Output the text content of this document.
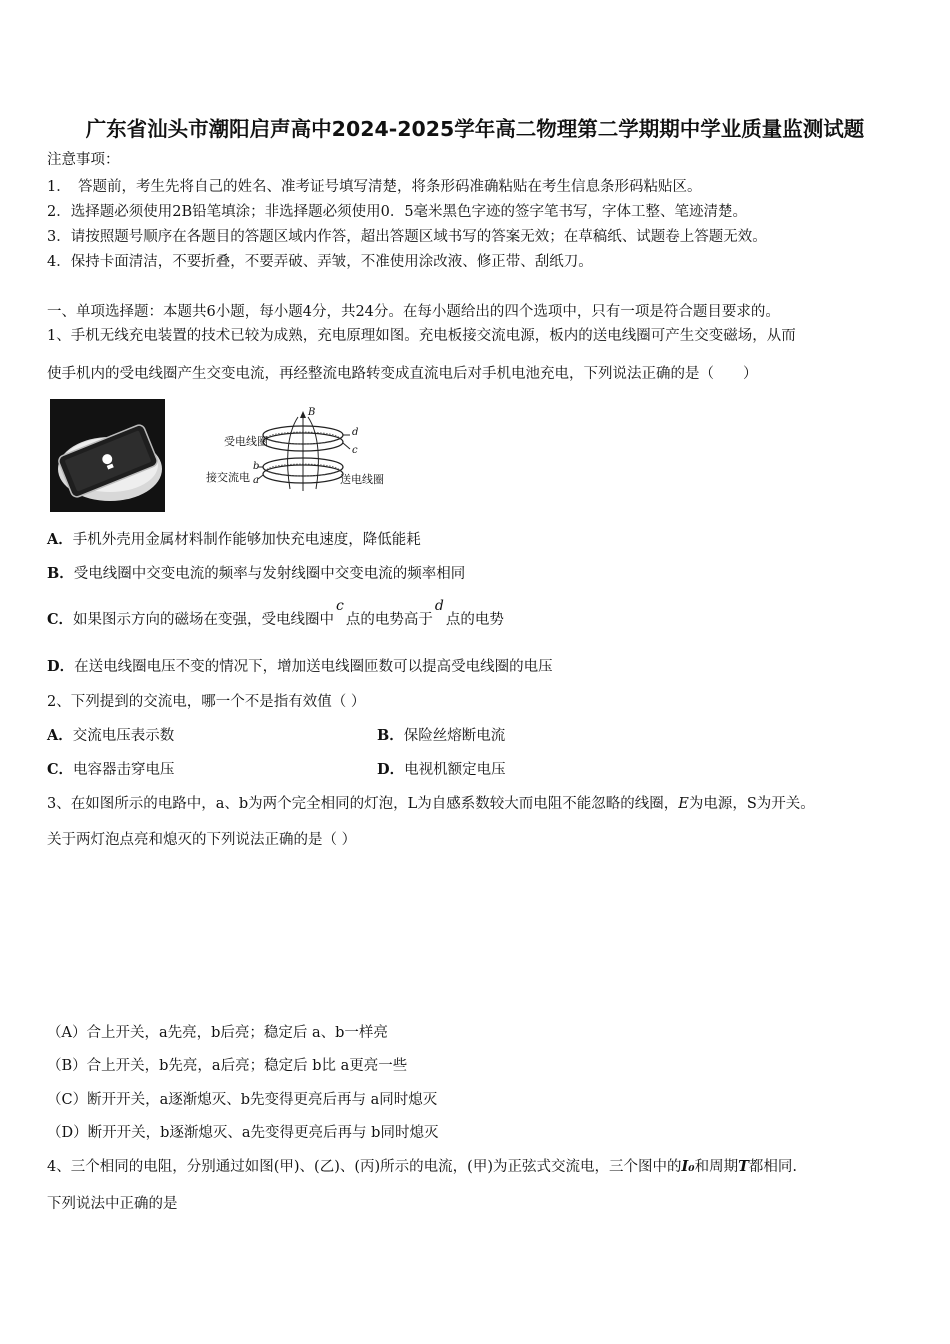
广东省汕头市潮阳启声高中2024-2025学年高二物理第二学期期中学业质量监测试题
注意事项：
1．　答题前，考生先将自己的姓名、准考证号填写清楚，将条形码准确粘贴在考生信息条形码粘贴区。
2．选择题必须使用2B铅笔填涂；非选择题必须使用0．5毫米黑色字迹的签字笔书写，字体工整、笔迹清楚。
3．请按照题号顺序在各题目的答题区域内作答，超出答题区域书写的答案无效；在草稿纸、试题卷上答题无效。
4．保持卡面清洁，不要折叠，不要弄破、弄皱，不准使用涂改液、修正带、刮纸刀。
一、单项选择题：本题共6小题，每小题4分，共24分。在每小题给出的四个选项中，只有一项是符合题目要求的。
1、手机无线充电装置的技术已较为成熟，充电原理如图。充电板接交流电源，板内的送电线圈可产生交变磁场，从而
使手机内的受电线圈产生交变电流，再经整流电路转变成直流电后对手机电池充电，下列说法正确的是（　　）
受电线圈
接交流电	送电线圈
B
d
c
a
b
A．手机外壳用金属材料制作能够加快充电速度，降低能耗
B．受电线圈中交变电流的频率与发射线圈中交变电流的频率相同
C．如果图示方向的磁场在变强，受电线圈中c点的电势高于d点的电势
D．在送电线圈电压不变的情况下，增加送电线圈匝数可以提高受电线圈的电压
2、下列提到的交流电，哪一个不是指有效值（ ）
A．交流电压表示数	B．保险丝熔断电流
C．电容器击穿电压	D．电视机额定电压
3、在如图所示的电路中，a、b为两个完全相同的灯泡，L为自感系数较大而电阻不能忽略的线圈，E为电源，S为开关。
关于两灯泡点亮和熄灭的下列说法正确的是（ ）
（A）合上开关，a先亮，b后亮；稳定后 a、b一样亮
（B）合上开关，b先亮，a后亮；稳定后 b比 a更亮一些
（C）断开开关，a逐渐熄灭、b先变得更亮后再与 a同时熄灭
（D）断开开关，b逐渐熄灭、a先变得更亮后再与 b同时熄灭
4、三个相同的电阻，分别通过如图(甲)、(乙)、(丙)所示的电流，(甲)为正弦式交流电，三个图中的I₀和周期T都相同.
下列说法中正确的是
